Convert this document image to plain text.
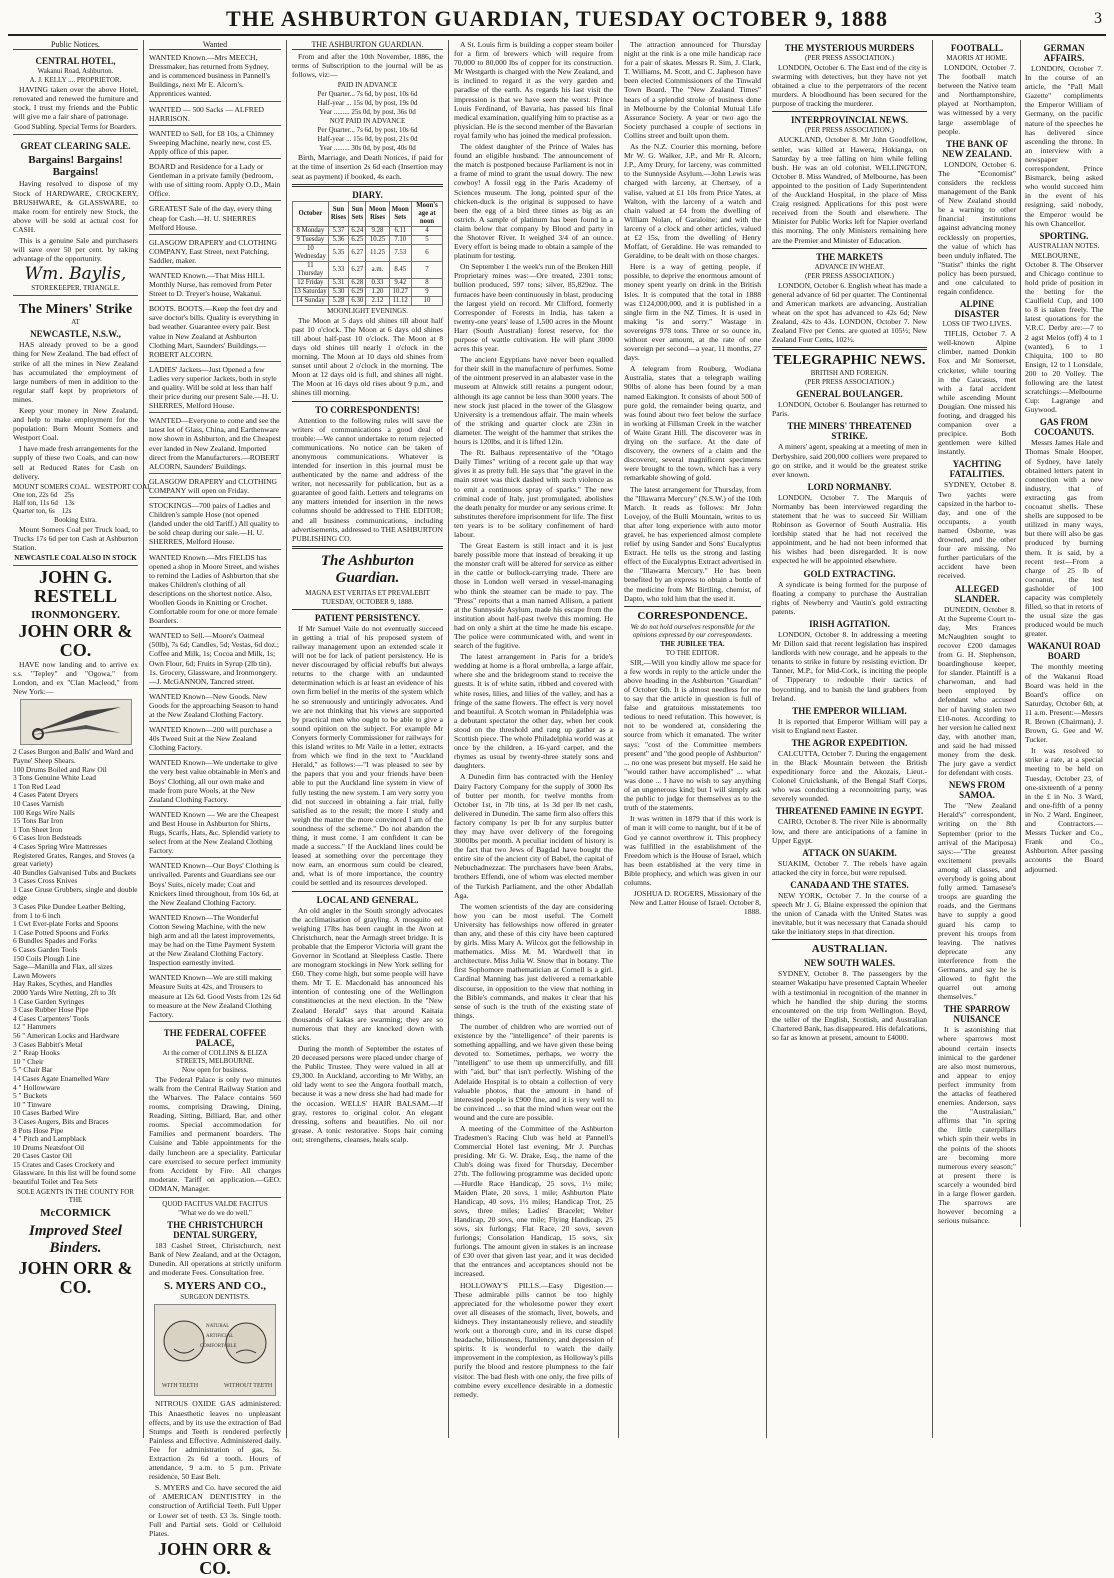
THE ASHBURTON GUARDIAN, TUESDAY OCTOBER 9, 1888	3
Public Notices.
CENTRAL HOTEL,
Wakanui Road, Ashburton.
A. J. KELLY .... PROPRIETOR.

HAVING taken over the above Hotel, renovated and renewed the furniture and stock, I trust my friends and the Public will give me a fair share of patronage.

Good Stabling. Special Terms for Boarders.
GREAT CLEARING SALE.
Bargains! Bargains! Bargains!

Having resolved to dispose of my Stock of HARDWARE, CROCKERY, BRUSHWARE, & GLASSWARE, to make room for entirely new Stock, the above will be sold at actual cost for CASH.

This is a genuine Sale and purchasers will save over 50 per cent. by taking advantage of the opportunity.

Wm. Baylis,
STOREKEEPER, TRIANGLE.
The Miners' Strike
AT
NEWCASTLE, N.S.W.,

HAS already proved to be a good thing for New Zealand. The bad effect of strike of all the mines in New Zealand has accumulated the employment of large numbers of men in addition to the regular staff kept by proprietors of mines.

Keep your money in New Zealand, and help to make employment for the population: Burn Mount Somers and Westport Coal.

I have made fresh arrangements for the supply of these two Coals, and can now sell at Reduced Rates for Cash on delivery.

MOUNT SOMERS COAL.  WESTPORT COAL
One ton, 22s 6d    25s
Half ton, 11s 6d    13s
Quarter ton, 6s    12s
Booking Extra.

Mount Somers Coal per Truck load, to Trucks 17s 6d per ton Cash at Ashburton Station.

NEWCASTLE COAL ALSO IN STOCK
JOHN G. RESTELL
IRONMONGERY.
JOHN ORR & CO.

HAVE now landing and to arrive ex s.s. "Tepley" and "Ogowa," from London, and ex "Clan Macleod," from New York:—

2 Cases Burgon and Balls' and Ward and Payne' Sheep Shears.
100 Drums Boiled and Raw Oil
3 Tons Genuine White Lead
1 Ton Red Lead
4 Cases Patent Dryers
10 Cases Varnish
100 Kegs Wire Nails
15 Tons Bar Iron
1 Ton Sheet Iron
6 Cases Iron Bedsteads
4 Cases Spring Wire Mattresses
Registered Grates, Ranges, and Stoves (a great variety)
40 Bundles Galvanised Tubs and Buckets
3 Cases Cross Knives
1 Case Gruse Grubbers, single and double edge
3 Cases Pike Dundee Leather Belting, from 1 to 6 inch
1 Cwt Ever-plate Forks and Spoons
1 Case Potted Spoons and Forks
6 Bundles Spades and Forks
6 Cases Garden Tools
150 Coils Plough Line
Sage—Manilla and Flax, all sizes
Lawn Mowers
Hay Rakes, Scythes, and Handles
2000 Yards Wire Netting, 2ft to 3ft
1 Case Garden Syringes
3 Case Rubber Hose Pipe
4 Cases Carpenters' Tools
12 " Hammers
56 " American Locks and Hardware
3 Cases Babbitt's Metal
2 " Reap Hooks
10 " Cheir
5 " Chair Bar
14 Cases Agate Enamelled Ware
4 " Hollowware
5 " Buckets
10 " Tinware
10 Cases Barbed Wire
3 Cases Augers, Bits and Braces
8 Pots Hose Pipe
4 " Pitch and Lampblack
10 Drums Neatsfoot Oil
20 Cases Castor Oil
15 Crates and Cases Crockery and Glassware. In this list will be found some beautiful Toilet and Tea Sets
SOLE AGENTS IN THE COUNTY FOR THE
McCORMICK
Improved Steel Binders.
JOHN ORR & CO.
Wanted
WANTED Known.—Mrs MEECH, Dressmaker, has returned from Sydney, and is commenced business in Pannell's Buildings, next Mr E. Alcorn's. Apprentices wanted.
WANTED — 500 Sacks — ALFRED HARRISON.
WANTED to Sell, for £8 10s, a Chimney Sweeping Machine, nearly new, cost £5. Apply office of this paper.
BOARD and Residence for a Lady or Gentleman in a private family (bedroom, with use of sitting room. Apply O.D., Main Office.
GREATEST Sale of the day, every thing cheap for Cash.—H. U. SHERRES Melford House.
GLASGOW DRAPERY and CLOTHING COMPANY, East Street, next Patching, Saddler, maker.
WANTED Known.—That Miss HILL Monthly Nurse, has removed from Peter Street to D. Treyer's house, Wakanui.
BOOTS. BOOTS.—Keep the feet dry and save doctor's bills. Quality is everything in bad weather. Guarantee every pair. Best value in New Zealand at Ashburton Clothing Mart, Saunders' Buildings.—ROBERT ALCORN.
LADIES' Jackets—Just Opened a few Ladies very superior Jackets, both in style and quality. Will be sold at less than half their price during our present Sale.—H. U. SHERRES, Melford House.
WANTED—Everyone to come and see the latest lot of Glass, China, and Earthenware now shown in Ashburton, and the Cheapest ever landed in New Zealand. Imported direct from the Manufacturers.—ROBERT ALCORN, Saunders' Buildings.
GLASGOW DRAPERY and CLOTHING COMPANY will open on Friday.
STOCKINGS—700 pairs of Ladies and Children's sample Hose (not opened (landed under the old Tariff.) All quality to be sold cheap during our sale.—H. U. SHERRES, Melford House.
WANTED Known.—Mrs FIELDS has opened a shop in Moore Street, and wishes to remind the Ladies of Ashburton that she makes Children's clothing of all descriptions on the shortest notice. Also, Woollen Goods in Knitting or Crochet. Comfortable room for one or more female Boarders.
WANTED to Sell.—Moore's Oatmeal (50lb), 7s 6d; Candles, 5d; Vestas, 6d doz.; Coffee and Milk, 1s; Cocoa and Milk, 1s; Own Flour, 6d; Fruits in Syrup (2lb tin), 1s. Grocery, Glassware, and Ironmongery.—J. McGANNON, Tancred street.
WANTED Known—New Goods. New Goods for the approaching Season to hand at the New Zealand Clothing Factory.
WANTED Known—200 will purchase a 40s Tweed Suit at the New Zealand Clothing Factory.
WANTED Known—We undertake to give the very best value obtainable in Men's and Boys' Clothing, all our own make and made from pure Wools, at the New Zealand Clothing Factory.
WANTED Known — We are the Cheapest and Best House in Ashburton for Shirts, Rugs, Scarfs, Hats, &c. Splendid variety to select from at the New Zealand Clothing Factory.
WANTED Known—Our Boys' Clothing is unrivalled. Parents and Guardians see our Boys' Suits, nicely made; Coat and Knickers lined throughout, from 10s 6d, at the New Zealand Clothing Factory.
WANTED Known—The Wonderful Cotton Sewing Machine, with the new high arm and all the latest improvements, may be had on the Time Payment System at the New Zealand Clothing Factory. Inspection earnestly invited.
WANTED Known—We are still making Measure Suits at 42s, and Trousers to measure at 12s 6d. Good Vests from 12s 6d to measure at the New Zealand Clothing Factory.
THE FEDERAL COFFEE PALACE,
At the corner of COLLINS & ELIZA STREETS, MELBOURNE.
Now open for business.

The Federal Palace is only two minutes walk from the Central Railway Station and the Wharves. The Palace contains 560 rooms, comprising Drawing, Dining, Reading, Sitting, Billiard, Bar, and other rooms. Special accommodation for Families and permanent boarders. The Cuisine and Table appointments for the daily luncheon are a speciality. Particular care exercised to secure perfect immunity from Accident by Fire. All charges moderate. Tariff on application.—GEO. ODMAN, Manager.

QUOD FACITUS VALDE FACITUS
"What we do we do well."
THE CHRISTCHURCH DENTAL SURGERY,

183 Cashel Street, Christchurch, next Bank of New Zealand, and at the Octagon, Dunedin. All operations at strictly uniform and moderate Fees. Consultation free.

S. MYERS AND CO.,
SURGEON DENTISTS.
NATURAL
ARTIFICIAL
COMFORTABLE
WITH TEETH	WITHOUT TEETH

NITROUS OXIDE GAS administered. This Anaesthetic leaves no unpleasant effects, and by its use the extraction of Bad Stumps and Teeth is rendered perfectly Painless and Effective. Administered daily. Fee for administration of gas, 5s. Extraction 2s 6d a tooth. Hours of attendance, 9 a.m. to 5 p.m. Private residence, 50 East Belt.

S. MYERS and Co. have secured the aid of AMERICAN DENTISTRY in the construction of Artificial Teeth. Full Upper or Lower set of teeth. £3 3s. Single tooth. Full and Partial sets. Gold or Celluloid Plates.

JOHN ORR & CO.
THE ASHBURTON GUARDIAN.

From and after the 10th November, 1886, the terms of Subscription to the journal will be as follows, viz:—

PAID IN ADVANCE
Per Quarter... 7s 6d, by post, 10s 6d
Half-year ... 15s 0d, by post, 19s 0d
Year ......... 25s 0d, by post, 36s 0d
NOT PAID IN ADVANCE
Per Quarter... 7s 6d, by post, 10s 6d
Half-year ... 15s 0d, by post, 21s 0d
Year ......... 30s 0d, by post, 40s 0d

Birth, Marriage, and Death Notices, if paid for at the time of insertion 2s 6d each (Insertion may seat as payment) if booked, 4s each.

DIARY.
October	Sun Rises	Sun Sets	Moon Rises	Moon Sets	Moon's age at noon
8 Monday	5.37	6.24	9.28	6.11	4
9 Tuesday	5.36	6.25	10.25	7.10	5
10 Wednesday	5.35	6.27	11.25	7.53	6
11 Thursday	5.33	6.27	a.m.	8.45	7
12 Friday	5.31	6.28	0.33	9.42	8
13 Saturday	5.30	6.29	1.20	10.27	9
14 Sunday	5.28	6.30	2.12	11.12	10
MOONLIGHT EVENINGS.

The Moon at 5 days old shines till about half past 10 o'clock. The Moon at 6 days old shines till about half-past 10 o'clock. The Moon at 8 days old shines till nearly 1 o'clock in the morning. The Moon at 10 days old shines from sunset until about 2 o'clock in the morning. The Moon at 12 days old is full, and shines all night. The Moon at 16 days old rises about 9 p.m., and shines till morning.

TO CORRESPONDENTS!

Attention to the following rules will save the writers of communications a good deal of trouble:—We cannot undertake to return rejected communications. No notice can be taken of anonymous communications. Whatever is intended for insertion in this journal must be authenticated by the name and address of the writer, not necessarily for publication, but as a guarantee of good faith. Letters and telegrams on any matters intended for insertion in the news columns should be addressed to THE EDITOR; and all business communications, including advertisements, addressed to THE ASHBURTON PUBLISHING CO.

The Ashburton Guardian.
MAGNA EST VERITAS ET PREVALEBIT
TUESDAY, OCTOBER 9, 1888.
PATIENT PERSISTENCY.

If Mr Samuel Vaile do not eventually succeed in getting a trial of his proposed system of railway management upon an extended scale it will not be for lack of patient persistency. He is never discouraged by official rebuffs but always returns to the charge with an undaunted determination which is at least an evidence of his own firm belief in the merits of the system which he so strenuously and untiringly advocates. And we are not thinking that his views are supported by practical men who ought to be able to give a sound opinion on the subject. For example Mr Conyers formerly Commissioner for railways for this island writes to Mr Vaile in a letter, extracts from which we find in the text to "Auckland Herald," as follows:—"I was pleased to see by the papers that you and your friends have been able to put the Auckland line system in view of fully testing the new system. I am very sorry you did not succeed in obtaining a fair trial, fully satisfied as to the result; the more I study and weigh the matter the more convinced I am of the soundness of the scheme." Do not abandon the thing, it must come. I am confident it can be made a success." If the Auckland lines could be leased at something over the percentage they now earn, an enormous sum could be cleared, and, what is of more importance, the country could be settled and its resources developed.

LOCAL AND GENERAL.

An old angler in the South strongly advocates the acclimatisation of grayling. A mosquito eel weighing 17lbs has been caught in the Avon at Christchurch, near the Armagh street bridge. It is probable that the Emperor Victoria will grant the Governor in Scotland at Sleepless Castle. There are monogram stockings in New York selling for £60. They come high, but some people will have them. Mr T. E. Macdonald has announced his intention of contesting one of the Wellington constituencies at the next election. In the "New Zealand Herald" says that around Kaitaia thousands of kakas are swarming; they are so numerous that they are knocked down with sticks.

During the month of September the estates of 20 deceased persons were placed under charge of the Public Trustee. They were valued in all at £9,300. In Auckland, according to Mr Withy, an old lady went to see the Angora football match, because it was a new dress she had had made for the occasion. WELLS' HAIR BALSAM.—If gray, restores to original color. An elegant dressing, softens and beautifies. No oil nor grease. A tonic restorative. Stops hair coming out; strengthens, cleanses, heals scalp.

A St. Louis firm is building a copper steam boiler for a firm of brewers which will require from 70,000 to 80,000 lbs of copper for its construction. Mr Westgarth is charged with the New Zealand, and is inclined to regard it as the very garden and paradise of the earth. As regards his last visit the impression is that we have seen the worst. Prince Louis Ferdinand, of Bavaria, has passed his final medical examination, qualifying him to practise as a physician. He is the second member of the Bavarian royal family who has joined the medical profession.

The oldest daughter of the Prince of Wales has found an eligible husband. The announcement of the match is postponed because Parliament is not in a frame of mind to grant the usual dowry. The new cowboy! A fossil egg in the Paris Academy of Sciences museum. The long, pointed spur of the chicken-duck is the original is supposed to have been the egg of a bird three times as big as an ostrich. A sample of platinum has been found in a claim below that company by Blood and party in the Shotover River. It weighed 3/4 of an ounce. Every effort is being made to obtain a sample of the platinum for testing.

On September 1 the week's run of the Broken Hill Proprietary mines was:—Ore treated, 2301 tons; bullion produced, 597 tons; silver, 85,829oz. The furnaces have been continuously in blast, producing the largest yield on record. Mr Clifford, formerly Corresponder of Forests in India, has taken a twenty-one years' lease of 1,500 acres in the Mount Harr (South Australian) forest reserve, for the purpose of wattle cultivation. He will plant 3000 acres this year.

The ancient Egyptians have never been equalled for their skill in the manufacture of perfumes. Some of the ointment preserved in an alabaster vase in the museum at Alnwick still retains a pungent odour, although its age cannot be less than 3000 years. The new stock just placed in the tower of the Glasgow University is a tremendous affair. The main wheels of the striking and quarter clock are 23in in diameter. The weight of the hammer that strikes the hours is 120lbs, and it is lifted 12in.

The Rt. Balhaus representative of the "Otago Daily Times" writing of a recent gale up that way gives it as pretty full. He says that "the gravel in the main street was thick dashed with such violence as to emit a continuous spray of sparks." The new criminal code of Italy, just promulgated, abolishes the death penalty for murder or any serious crime. It substitutes therefore imprisonment for life. The first ten years is to be solitary confinement of hard labour.

The Great Eastern is still intact and it is just barely possible more that instead of breaking it up the monster craft will be altered for service as either in the cattle or bullock-carrying trade. There are those in London well versed in vessel-managing who think the steamer can be made to pay. The "Press" reports that a man named Allison, a patient at the Sunnyside Asylum, made his escape from the institution about half-past twelve this morning. He had on only a shirt at the time he made his escape. The police were communicated with, and went in search of the fugitive.

The latest arrangement in Paris for a bride's wedding at home is a floral umbrella, a large affair, where she and the bridegroom stand to receive the guests. It is of white satin, ribbed and covered with white roses, lilies, and lilies of the valley, and has a fringe of the same flowers. The effect is very novel and beautiful. A Scotch woman in Philadelphia was a debutant spectator the other day, when her cook stood on the threshold and rang up gather as a Scottish piece. The whole Philadelphia world was at once by the children, a 16-yard carpet, and the rhymes as usual by twenty-three stately sons and daughters.

A Dunedin firm has contracted with the Henley Dairy Factory Company for the supply of 3000 lbs of butter per month, for twelve months from October 1st, in 7lb tins, at 1s 3d per lb net cash, delivered in Dunedin. The same firm also offers this factory company 1s per lb for any surplus butter they may have over delivery of the foregoing 3000lbs per month. A peculiar incident of history is the fact that two Jews of Bagdad have bought the entire site of the ancient city of Babel, the capital of Nebuchadnezzar. The purchasers have been Arabs, brothers Effendi, one of whom was elected member of the Turkish Parliament, and the other Abdallah Aga.

The women scientists of the day are considering how you can be most useful. The Cornell University has fellowships now offered in greater than any, and these of this city have been captured by girls. Miss Mary A. Wilcox got the fellowship in mathematics. Miss M. M. Wardwell that in architecture. Miss Julia W. Snow that in botany. The first Sophomore mathematician at Cornell is a girl. Cardinal Manning has just delivered a remarkable discourse, in opposition to the view that nothing in the Bible's commands, and makes it clear that his sense of such is the truth of the existing state of things.

The number of children who are worried out of existence by the "intelligence" of their parents is something appalling, and we have given these being devoted to. Sometimes, perhaps, we worry the "intelligent" to use them up unmercifully, and fill with "aid, but" that isn't perfectly. Wishing of the Adelaide Hospital is to obtain a collection of very valuable photos, that the amount in hand of interested people is £900 fine, and it is very well to be convinced ... so that the mind when wear out the wound and the cure are possible.

A meeting of the Committee of the Ashburton Tradesmen's Racing Club was held at Pannell's Commercial Hotel last evening, Mr J. Purchas presiding. Mr G. W. Drake, Esq., the name of the Club's doing was fixed for Thursday, December 27th. The following programme was decided upon:—Hurdle Race Handicap, 25 sovs, 1½ mile; Maiden Plate, 20 sovs, 1 mile; Ashburton Plate Handicap, 40 sovs, 1½ miles; Handicap Trot, 25 sovs, three miles; Ladies' Bracelet; Welter Handicap, 20 sovs, one mile; Flying Handicap, 25 sovs, six furlongs; Flat Race, 20 sovs, seven furlongs; Consolation Handicap, 15 sovs, six furlongs. The amount given in stakes is an increase of £30 over that given last year, and it was decided that the entrances and acceptances should not be increased.

HOLLOWAY'S PILLS.—Easy Digestion.—These admirable pills cannot be too highly appreciated for the wholesome power they exert over all diseases of the stomach, liver, bowels, and kidneys. They instantaneously relieve, and steadily work out a thorough cure, and in its curse dispel headache, biliousness, flatulency, and depression of spirits. It is wonderful to watch the daily improvement in the complexion, as Holloway's pills purify the blood and restore plumpness to the fair visitor. The bad flesh with one only, the free pills of combine every excellence desirable in a domestic remedy.

The attraction announced for Thursday night at the rink is a one mile handicap race for a pair of skates. Messrs R. Sim, J. Clark, T. Williams, M. Scott, and C. Japheson have been elected Commissioners of the Tinwald Town Board. The "New Zealand Times" hears of a splendid stroke of business done in Melbourne by the Colonial Mutual Life Assurance Society. A year or two ago the Society purchased a couple of sections in Collins street and built upon them.

As the N.Z. Courier this morning, before Mr W. G. Walker, J.P., and Mr R. Alcorn, J.P., Amy Drury, for larceny, was committed to the Sunnyside Asylum.—John Lewis was charged with larceny, at Chertsey, of a valise, valued at £1 10s from Price Yates, at Walton, with the larceny of a watch and chain valued at £4 from the dwelling of William Nolan, of Garaloine; and with the larceny of a clock and other articles, valued at £2 15s, from the dwelling of Henry Moffatt, of Geraldine. He was remanded to Geraldine, to be dealt with on those charges.

Here is a way of getting people, if possible, to deprive the enormous amount of money spent yearly on drink in the British Isles. It is computed that the total in 1888 was £124,000,000, and it is published in a single firm in the NZ Times. It is used in making "is and sorry." Wastage in sovereigns 978 tons. Three or so ounce in, without ever amount, at the rate of one sovereign per second—a year, 11 months, 27 days.

A telegram from Rouburg, Wodiana Australia, states that a telegraph wailing 90lbs of alone has been found by a man named Eakington. It consists of about 500 of pure gold, the remainder being quartz, and was found about two feet below the surface in working at Fillsman Creek in the watcher of Waite Grant Hill. The discoverer was in drying on the surface. At the date of discovery, the owners of a claim and the discoverer, several magnificent specimens were brought to the town, which has a very remarkable showing of gold.

The latest arrangement for Thursday, from the "Illawarra Mercury" (N.S.W.) of the 10th March. It reads as follows: Mr John Lovejoy, of the Bulli Mountain, writes to us that after long experience with auto motor gravel, he has experienced almost complete relief by using Sander and Sons' Eucalyptus Extract. He tells us the strong and lasting effect of the Eucalyptus Extract advertised in the "Illawarra Mercury." He has been benefited by an express to obtain a bottle of the medicine from Mr Birtling, chemist, of Dapto, who told him that the used it.

CORRESPONDENCE.
We do not hold ourselves responsible for the opinions expressed by our correspondents.
THE JUBILEE TEA.
TO THE EDITOR.

SIR,—Will you kindly allow me space for a few words in reply to the article under the above heading in the Ashburton "Guardian" of October 6th. It is almost needless for me to say that the article in question is full of false and gratuitous misstatements too tedious to need refutation. This however, is not to be wondered at, considering the source from which it emanated. The writer says: "cost of the Committee members present" and "the good people of Ashburton" ... no one was present but myself. He said he "would rather have accomplished" ... what was done ... I have no wish to say anything of an ungenerous kind; but I will simply ask the public to judge for themselves as to the truth of the statements.

It was written in 1879 that if this work is of man it will come to naught, but if it be of God ye cannot overthrow it. This prophecy was fulfilled in the establishment of the Freedom which is the House of Israel, which has been established at the very time in Bible prophecy, and which was given in our columns.

JOSHUA D. ROGERS, Missionary of the New and Latter House of Israel. October 8, 1888.

THE MYSTERIOUS MURDERS
(PER PRESS ASSOCIATION.)

LONDON, October 6. The East end of the city is swarming with detectives, but they have not yet obtained a clue to the perpetrators of the recent murders. A bloodhound has been secured for the purpose of tracking the murderer.

INTERPROVINCIAL NEWS.
(PER PRESS ASSOCIATION.)

AUCKLAND, October 8. Mr John Goodfellow, settler, was killed at Hawera, Hokianga, on Saturday by a tree falling on him while felling bush. He was an old colonist. WELLINGTON, October 8. Miss Wandred, of Melbourne, has been appointed to the position of Lady Superintendent of the Auckland Hospital, in the place of Miss Craig resigned. Applications for this post were received from the South and elsewhere. The Minister for Public Works left for Napier overland this morning. The only Ministers remaining here are the Premier and Minister of Education.

THE MARKETS
ADVANCE IN WHEAT.
(PER PRESS ASSOCIATION.)

LONDON, October 6. English wheat has made a general advance of 6d per quarter. The Continental and American markets are advancing. Australian wheat on the spot has advanced to 42s 6d; New Zealand, 42s to 43s. LONDON, October 7. New Zealand Five per Cents. are quoted at 105½; New Zealand Four Cents, 102½.

TELEGRAPHIC NEWS.
BRITISH AND FOREIGN.
(PER PRESS ASSOCIATION.)
GENERAL BOULANGER.

LONDON, October 6. Boulanger has returned to Paris.

THE MINERS' THREATENED STRIKE.

A miners' agent, speaking at a meeting of men in Derbyshire, said 200,000 colliers were prepared to go on strike, and it would be the greatest strike ever known.

LORD NORMANBY.

LONDON, October 7. The Marquis of Normanby has been interviewed regarding the statement that he was to succeed Sir William Robinson as Governor of South Australia. His lordship stated that he had not received the appointment, and he had not been informed that his wishes had been disregarded. It is now expected he will be appointed elsewhere.

GOLD EXTRACTING.

A syndicate is being formed for the purpose of floating a company to purchase the Australian rights of Newberry and Vautin's gold extracting patents.

IRISH AGITATION.

LONDON, October 8. In addressing a meeting Mr Dillon said that recent legislation has inspired landlords with new courage, and he appeals to the tenants to strike in future by resisting eviction. Dr Tanner, M.P., for Mid-Cork, is inciting the people of Tipperary to redouble their tactics of boycotting, and to banish the land grabbers from Ireland.

THE EMPEROR WILLIAM.

It is reported that Emperor William will pay a visit to England next Easter.

THE AGROR EXPEDITION.

CALCUTTA, October 7. During the engagement in the Black Mountain between the British expeditionary force and the Akozais, Lieut.-Colonel Cruickshank, of the Bengal Staff Corps, who was conducting a reconnoitring party, was severely wounded.

THREATENED FAMINE IN EGYPT.

CAIRO, October 8. The river Nile is abnormally low, and there are anticipations of a famine in Upper Egypt.

ATTACK ON SUAKIM.

SUAKIM, October 7. The rebels have again attacked the city in force, but were repulsed.

CANADA AND THE STATES.

NEW YORK, October 7. In the course of a speech Mr J. G. Blaine expressed the opinion that the union of Canada with the United States was inevitable, but it was necessary that Canada should take the initiatory steps in that direction.

AUSTRALIAN.
NEW SOUTH WALES.

SYDNEY, October 8. The passengers by the steamer Wakatipu have presented Captain Wheeler with a testimonial in recognition of the manner in which he handled the ship during the storms encountered on the trip from Wellington. Boyd, the teller of the English, Scottish, and Australian Chartered Bank, has disappeared. His defalcations, so far as known at present, amount to £4000.

FOOTBALL.
MAORIS AT HOME.

LONDON, October 7. The football match between the Native team and Northamptonshire, played at Northampton, was witnessed by a very large assemblage of people.

THE BANK OF NEW ZEALAND.

LONDON, October 6. The "Economist" considers the reckless management of the Bank of New Zealand should be a warning to other financial institutions against advancing money recklessly on properties, the value of which has been unduly inflated. The "Statist" thinks the right policy has been pursued, and one calculated to regain confidence.

ALPINE DISASTER
LOSS OF TWO LIVES.

TIFLIS, October 7. A well-known Alpine climber, named Donkin Fox and Mr Somerset, cricketer, while touring in the Caucasus, met with a fatal accident while ascending Mount Dougian. One missed his footing, and dragged his companion over a precipice. Both gentlemen were killed instantly.

YACHTING FATALITIES.

SYDNEY, October 8. Two yachts were capsized in the harbor to-day, and one of the occupants, a youth named Osborne, was drowned, and the other four are missing. No further particulars of the accident have been received.

ALLEGED SLANDER.

DUNEDIN, October 8. At the Supreme Court to-day, Mrs Frances McNaughten sought to recover £200 damages from G. H. Stephenson, boardinghouse keeper, for slander. Plaintiff is a charwoman, and had been employed by defendant who accused her of having stolen two £10-notes. According to her version he called next day, with another man, and said he had missed money from the desk. The jury gave a verdict for defendant with costs.

NEWS FROM SAMOA.

The "New Zealand Herald's" correspondent, writing on the 8th September (prior to the arrival of the Mariposa) says:—"The greatest excitement prevails among all classes, and everybody is going about fully armed. Tamasese's troops are guarding the roads, and the Germans have to supply a good guard his camp to prevent his troops from leaving. The natives deprecate any interference from the Germans, and say he is allowed to fight the quarrel out among themselves."

THE SPARROW NUISANCE

It is astonishing that where sparrows most abound certain insects inimical to the gardener are also most numerous, and appear to enjoy perfect immunity from the attacks of feathered enemies. Anderson, says the "Australasian," affirms that "in spring the little caterpillars which spin their webs in the points of the shoots are becoming more numerous every season;" at present there is scarcely a wounded bird in a large flower garden. The sparrows are however becoming a serious nuisance.

GERMAN AFFAIRS.

LONDON, October 7. In the course of an article, the "Pall Mall Gazette" compliments the Emperor William of Germany, on the pacific nature of the speeches he has delivered since ascending the throne. In an interview with a newspaper correspondent, Prince Bismarck, being asked who would succeed him in the event of his resigning, said nobody, the Emperor would be his own Chancellor.

SPORTING.
AUSTRALIAN NOTES.

MELBOURNE, October 8. The Observer and Chicago continue to hold pride of position in the betting for the Caulfield Cup, and 100 to 8 is taken freely. The latest quotations for the V.R.C. Derby are:—7 to 2 agst Melos (off) 4 to 1 (wanted), 6 to 1 Chiquita, 100 to 80 Ensign, 12 to 1 Lonsdale, 200 to 20 Volley. The following are the latest scratchings:—Melbourne Cup: Lagrange and Guywood.

GAS FROM COCOANUTS.

Messrs James Hale and Thomas Smale Hooper, of Sydney, have lately obtained letters patent in connection with a new industry, that of extracting gas from cocoanut shells. These shells are supposed to be utilized in many ways, but there will also be gas produced by burning them. It is said, by a recent test—From a charge of 25 lb of cocoanut, the test gasholder of 100 capacity was completely filled, so that in retorts of the usual size the gas produced would be much greater.

WAKANUI ROAD BOARD

The monthly meeting of the Wakanui Road Board was held in the Board's office on Saturday, October 6th, at 11 a.m. Present:—Messrs R. Brown (Chairman), J. Brown, G. Gee and W. Tucker.

It was resolved to strike a rate, at a special meeting to be held on Tuesday, October 23, of one-sixteenth of a penny in the £ in No. 3 Ward, and one-fifth of a penny in No. 2 Ward. Engineer, and Contractors.—Messrs Tucker and Co., Frank and Co., Ashburton. After passing accounts the Board adjourned.
